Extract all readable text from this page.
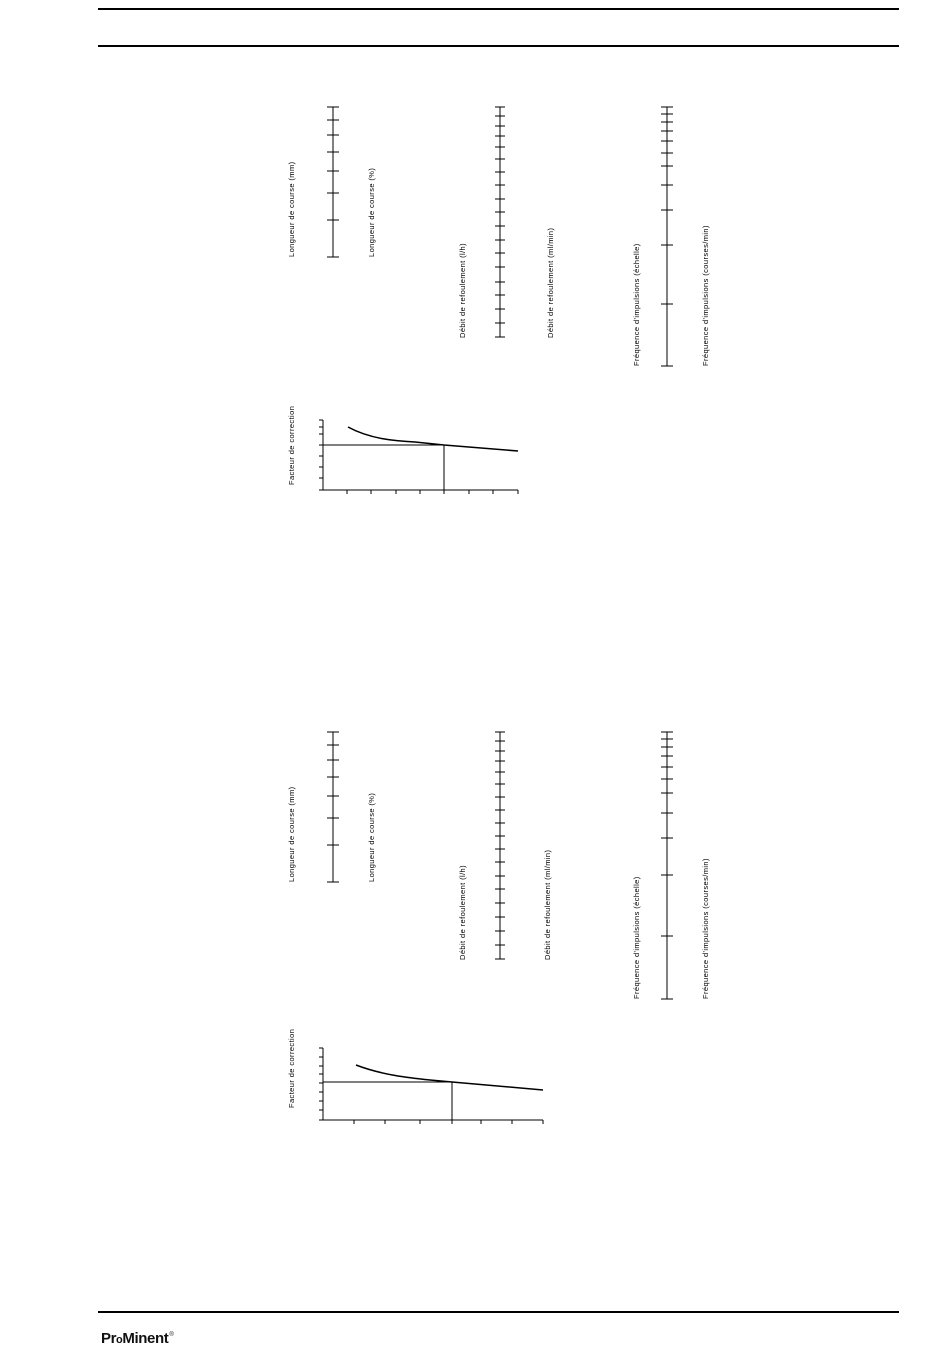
Longueur de course (mm)	Longueur de course (%)
Débit de refoulement (l/h)	Débit de refoulement (ml/min)	Fréquence d'impulsions (échelle)	Fréquence d'impulsions (courses/min)
Facteur de correction
Longueur de course (mm)	Longueur de course (%)
Débit de refoulement (l/h)	Débit de refoulement (ml/min)	Fréquence d'impulsions (échelle)	Fréquence d'impulsions (courses/min)
Facteur de correction
ProMinent®
